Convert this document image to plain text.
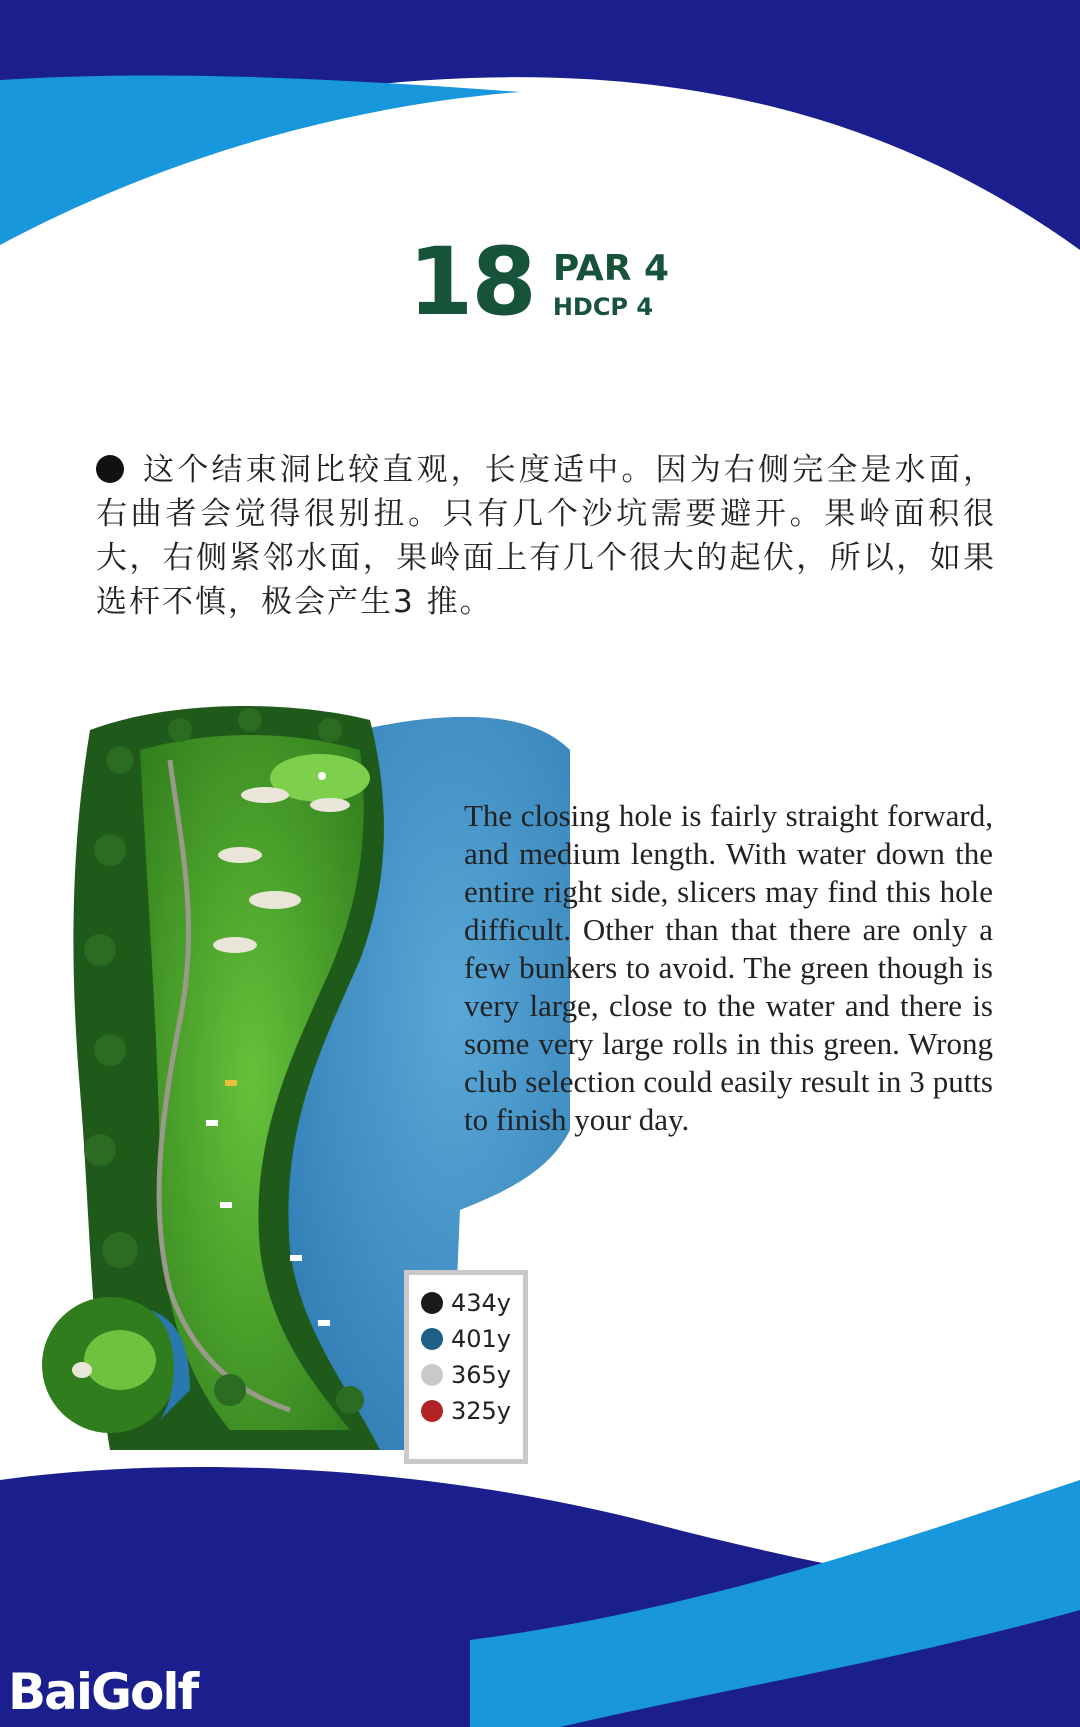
18 PAR 4
HDCP 4
这个结束洞比较直观，长度适中。因为右侧完全是水面，右曲者会觉得很别扭。只有几个沙坑需要避开。果岭面积很大，右侧紧邻水面，果岭面上有几个很大的起伏，所以，如果选杆不慎，极会产生3 推。
The closing hole is fairly straight forward, and medium length. With water down the entire right side, slicers may find this hole difficult. Other than that there are only a few bunkers to avoid. The green though is very large, close to the water and there is some very large rolls in this green. Wrong club selection could easily result in 3 putts to finish your day.
434y
401y
365y
325y
BaiGolf
